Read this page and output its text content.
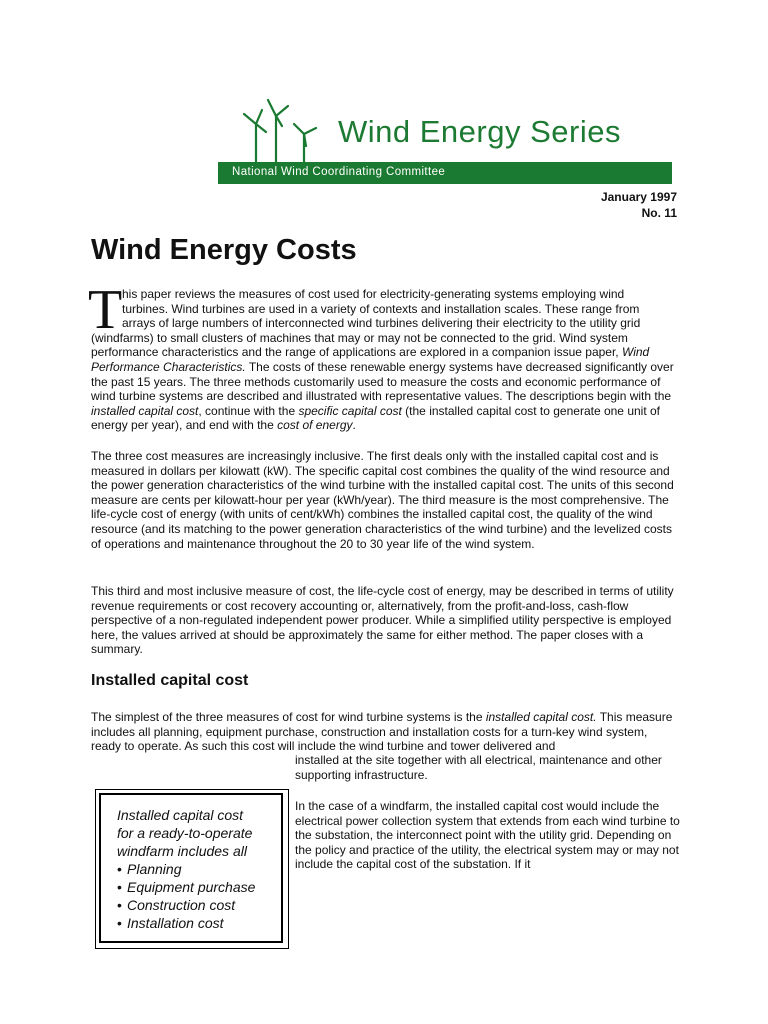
Wind Energy Series
National Wind Coordinating Committee
January 1997
No. 11
Wind Energy Costs
T his paper reviews the measures of cost used for electricity-generating systems employing wind

turbines. Wind turbines are used in a variety of contexts and installation scales. These range from

arrays of large numbers of interconnected wind turbines delivering their electricity to the utility grid

(windfarms) to small clusters of machines that may or may not be connected to the grid. Wind system performance characteristics and the range of applications are explored in a companion issue paper, Wind Performance Characteristics. The costs of these renewable energy systems have decreased significantly over the past 15 years. The three methods customarily used to measure the costs and economic performance of wind turbine systems are described and illustrated with representative values. The descriptions begin with the installed capital cost, continue with the specific capital cost (the installed capital cost to generate one unit of energy per year), and end with the cost of energy.

The three cost measures are increasingly inclusive. The first deals only with the installed capital cost and is measured in dollars per kilowatt (kW). The specific capital cost combines the quality of the wind resource and the power generation characteristics of the wind turbine with the installed capital cost. The units of this second measure are cents per kilowatt-hour per year (kWh/year). The third measure is the most comprehensive. The life-cycle cost of energy (with units of cent/kWh) combines the installed capital cost, the quality of the wind resource (and its matching to the power generation characteristics of the wind turbine) and the levelized costs of operations and maintenance throughout the 20 to 30 year life of the wind system.

This third and most inclusive measure of cost, the life-cycle cost of energy, may be described in terms of utility revenue requirements or cost recovery accounting or, alternatively, from the profit-and-loss, cash-flow perspective of a non-regulated independent power producer. While a simplified utility perspective is employed here, the values arrived at should be approximately the same for either method. The paper closes with a summary.

Installed capital cost

The simplest of the three measures of cost for wind turbine systems is the installed capital cost. This measure includes all planning, equipment purchase, construction and installation costs for a turn-key wind system, ready to operate. As such this cost will include the wind turbine and tower delivered and

installed at the site together with all electrical, maintenance and other supporting infrastructure.

In the case of a windfarm, the installed capital cost would include the electrical power collection system that extends from each wind turbine to the substation, the interconnect point with the utility grid. Depending on the policy and practice of the utility, the electrical system may or may not include the capital cost of the substation. If it

Installed capital cost
for a ready-to-operate
windfarm includes all
• Planning
• Equipment purchase
• Construction cost
• Installation cost
